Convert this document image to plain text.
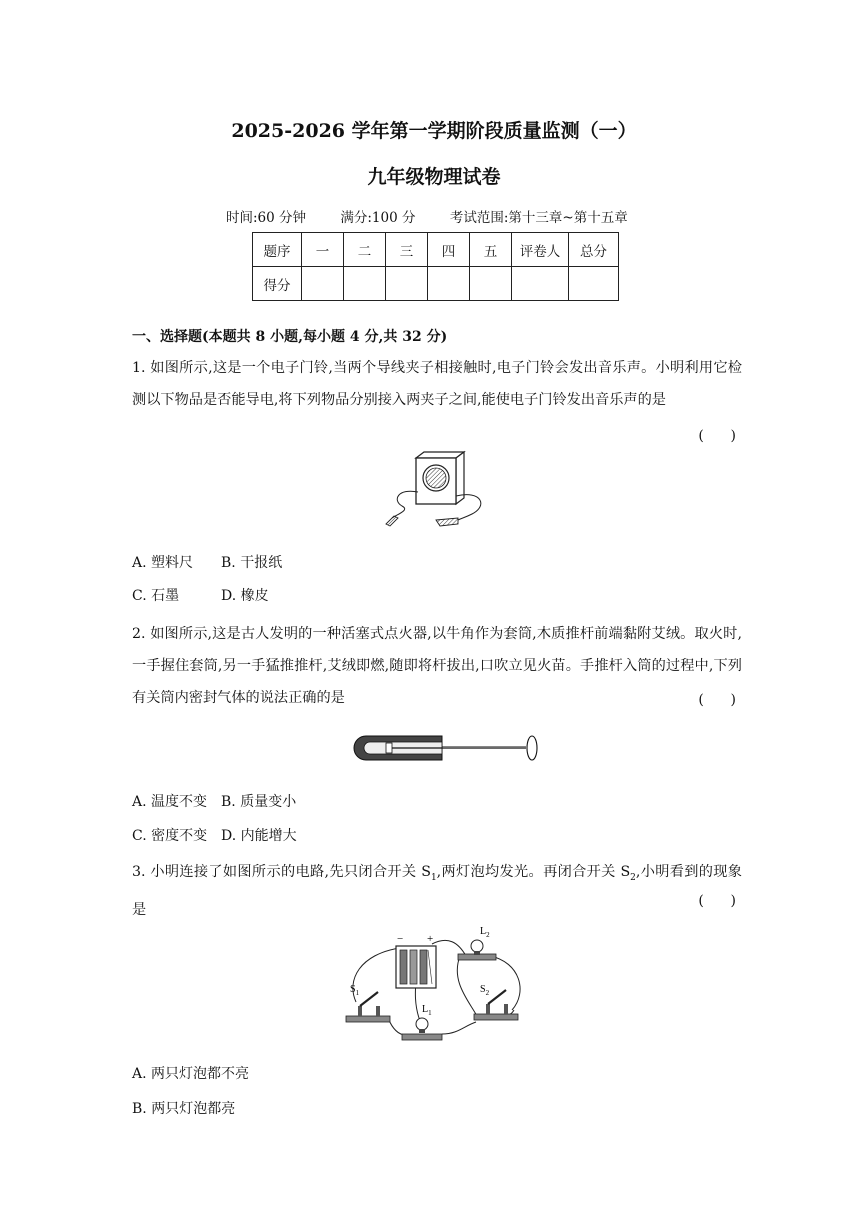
2025-2026 学年第一学期阶段质量监测（一）
九年级物理试卷
时间:60 分钟	满分:100 分	考试范围:第十三章~第十五章
题序	一	二	三	四	五	评卷人	总分
得分							
一、选择题(本题共 8 小题,每小题 4 分,共 32 分)
1. 如图所示,这是一个电子门铃,当两个导线夹子相接触时,电子门铃会发出音乐声。小明利用它检测以下物品是否能导电,将下列物品分别接入两夹子之间,能使电子门铃发出音乐声的是
(      )
A. 塑料尺 B. 干报纸
C. 石墨	D. 橡皮
2. 如图所示,这是古人发明的一种活塞式点火器,以牛角作为套筒,木质推杆前端黏附艾绒。取火时,一手握住套筒,另一手猛推推杆,艾绒即燃,随即将杆拔出,口吹立见火苗。手推杆入筒的过程中,下列有关筒内密封气体的说法正确的是	(      )
A. 温度不变 B. 质量变小
C. 密度不变 D. 内能增大
3. 小明连接了如图所示的电路,先只闭合开关 $S_1$,两灯泡均发光。再闭合开关 $S_2$,小明看到的现象是
(      )
− +
$L_2$
$L_1$
$S_1$	$S_2$
A. 两只灯泡都不亮
B. 两只灯泡都亮
